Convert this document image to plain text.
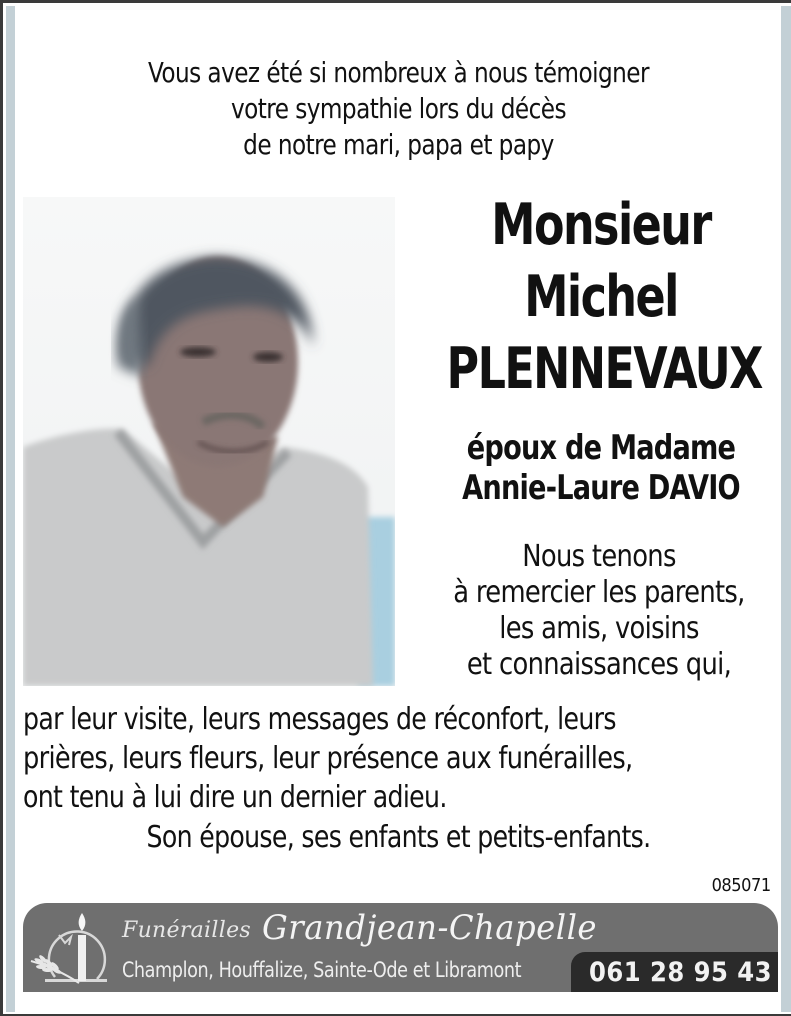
Vous avez été si nombreux à nous témoigner
votre sympathie lors du décès
de notre mari, papa et papy
Monsieur
Michel
PLENNEVAUX
époux de Madame
Annie-Laure DAVIO
Nous tenons
à remercier les parents,
les amis, voisins
et connaissances qui,
par leur visite, leurs messages de réconfort, leurs
prières, leurs fleurs, leur présence aux funérailles,
ont tenu à lui dire un dernier adieu.
Son épouse, ses enfants et petits-enfants.
085071
Funérailles Grandjean-Chapelle
Champlon, Houffalize, Sainte-Ode et Libramont	061 28 95 43
